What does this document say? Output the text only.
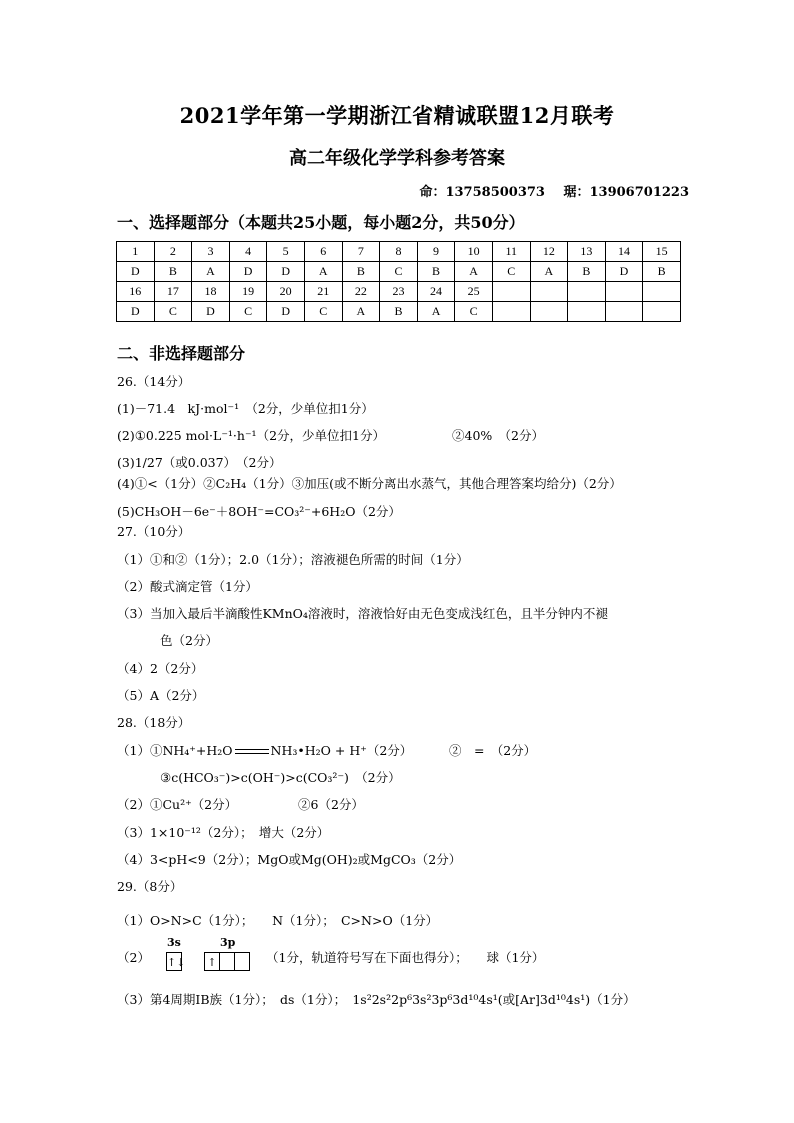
2021学年第一学期浙江省精诚联盟12月联考
高二年级化学学科参考答案
命：13758500373 琚：13906701223
一、选择题部分（本题共25小题，每小题2分，共50分）
1	2	3	4	5	6	7	8	9	10	11	12	13	14	15
D	B	A	D	D	A	B	C	B	A	C	A	B	D	B
16	17	18	19	20	21	22	23	24	25					
D	C	D	C	D	C	A	B	A	C					
二、非选择题部分
26.（14分）
(1)－71.4　kJ·mol⁻¹　（2分，少单位扣1分）
(2)①0.225 mol·L⁻¹·h⁻¹（2分，少单位扣1分）	②40%　（2分）
(3)1/27（或0.037）　（2分）
(4)①<（1分）②C₂H₄（1分）③加压(或不断分离出水蒸气，其他合理答案均给分)（2分）
(5)CH₃OH－6e⁻＋8OH⁻=CO₃²⁻+6H₂O（2分）
27.（10分）
（1）①和②（1分）；2.0（1分）；溶液褪色所需的时间（1分）
（2）酸式滴定管（1分）
（3）当加入最后半滴酸性KMnO₄溶液时，溶液恰好由无色变成浅红色，且半分钟内不褪
色（2分）
（4）2（2分）
（5）A（2分）
28.（18分）
（1）①NH₄⁺+H₂O	NH₃•H₂O + H⁺（2分）	②　=　（2分）
③c(HCO₃⁻)>c(OH⁻)>c(CO₃²⁻)　（2分）
（2）①Cu²⁺（2分）	②6（2分）
（3）1×10⁻¹²（2分）；　增大（2分）
（4）3<pH<9（2分）；MgO或Mg(OH)₂或MgCO₃（2分）
29.（8分）
（1）O>N>C（1分）；　　N（1分）；　C>N>O（1分）
（2）
3s	3p
↑↓	↑	（1分，轨道符号写在下面也得分）；　　球（1分）
（3）第4周期IB族（1分）；　ds（1分）；　1s²2s²2p⁶3s²3p⁶3d¹⁰4s¹(或[Ar]3d¹⁰4s¹)（1分）
